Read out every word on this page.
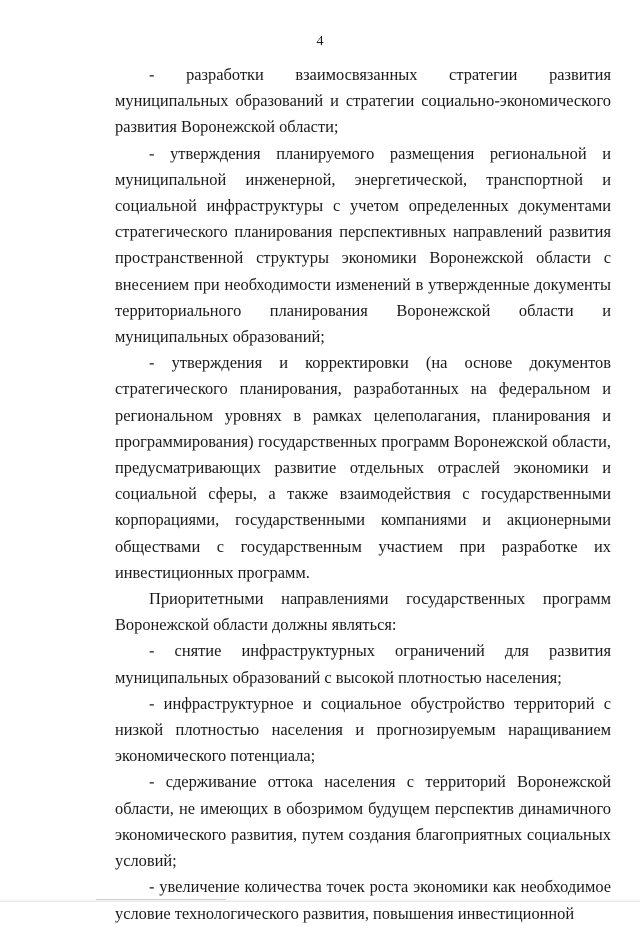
4

- разработки взаимосвязанных стратегии развития муниципальных образований и стратегии социально-экономического развития Воронежской области;

- утверждения планируемого размещения региональной и муниципальной инженерной, энергетической, транспортной и социальной инфраструктуры с учетом определенных документами стратегического планирования перспективных направлений развития пространственной структуры экономики Воронежской области с внесением при необходимости изменений в утвержденные документы территориального планирования Воронежской области и муниципальных образований;

- утверждения и корректировки (на основе документов стратегического планирования, разработанных на федеральном и региональном уровнях в рамках целеполагания, планирования и программирования) государственных программ Воронежской области, предусматривающих развитие отдельных отраслей экономики и социальной сферы, а также взаимодействия с государственными корпорациями, государственными компаниями и акционерными обществами с государственным участием при разработке их инвестиционных программ.

Приоритетными направлениями государственных программ Воронежской области должны являться:

- снятие инфраструктурных ограничений для развития муниципальных образований с высокой плотностью населения;

- инфраструктурное и социальное обустройство территорий с низкой плотностью населения и прогнозируемым наращиванием экономического потенциала;

- сдерживание оттока населения с территорий Воронежской области, не имеющих в обозримом будущем перспектив динамичного экономического развития, путем создания благоприятных социальных условий;

- увеличение количества точек роста экономики как необходимое условие технологического развития, повышения инвестиционной
